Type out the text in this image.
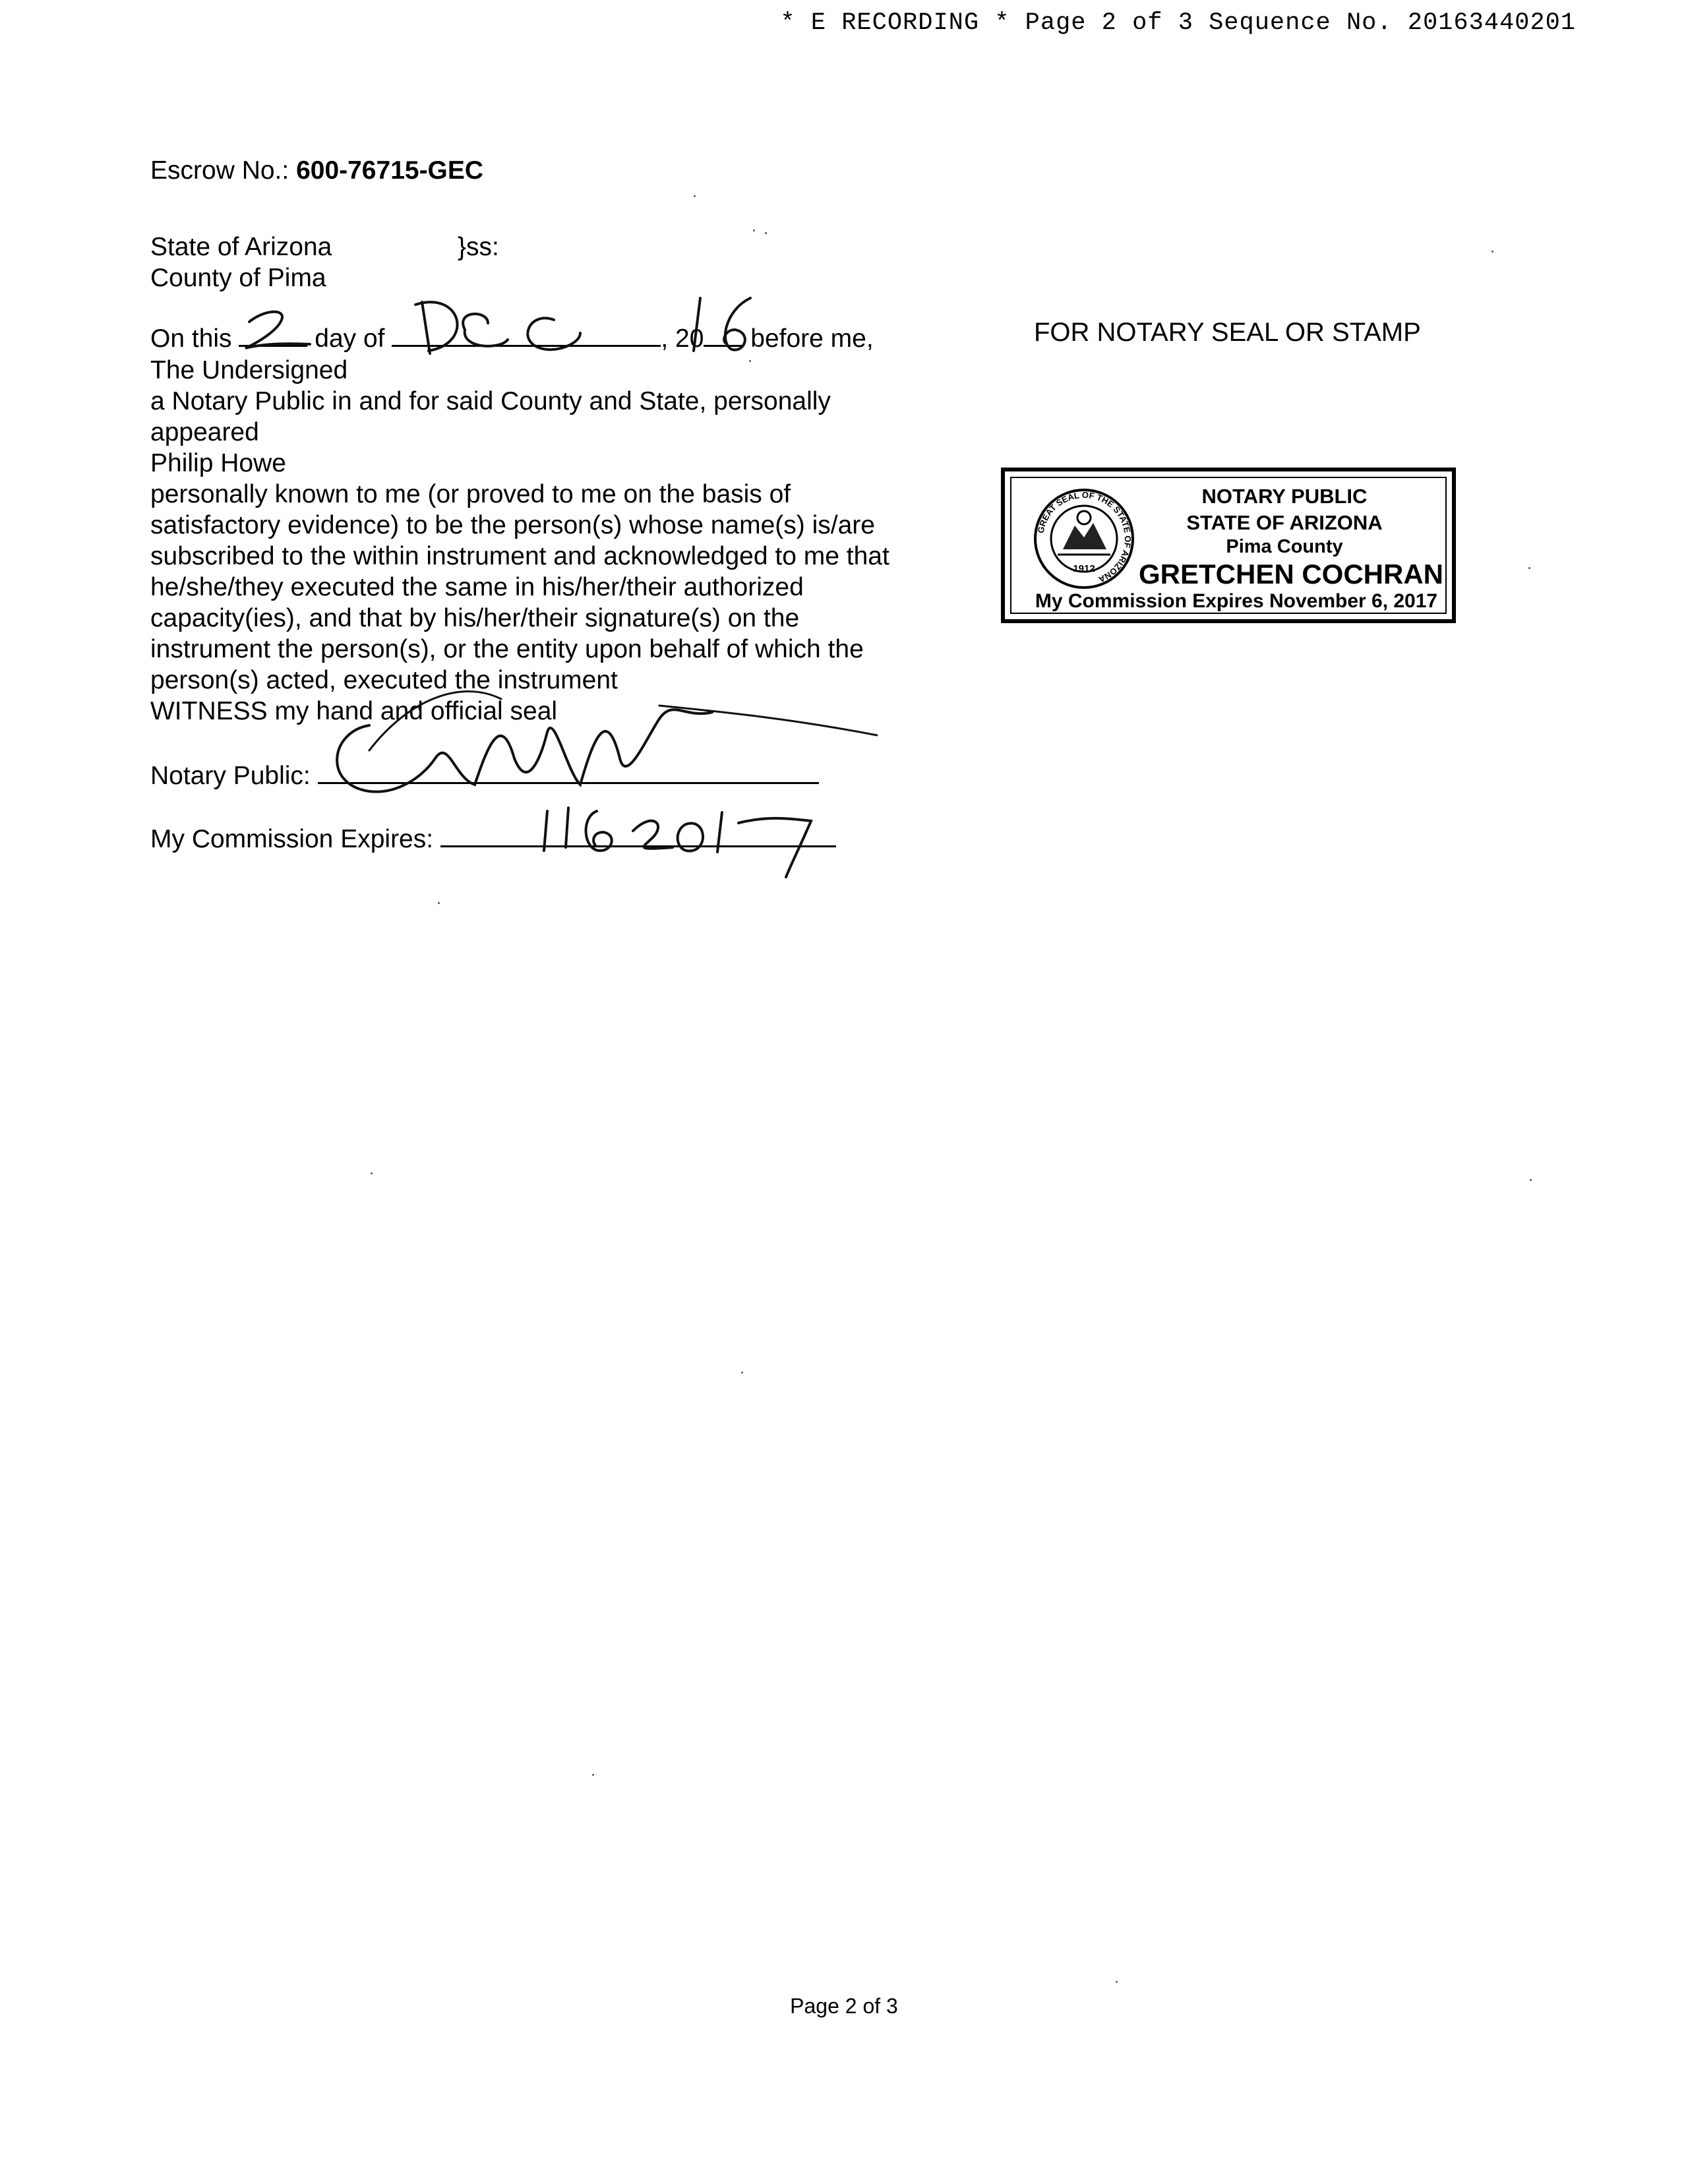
* E RECORDING * Page 2 of 3 Sequence No. 20163440201
Escrow No.: 600-76715-GEC
State of Arizona	}ss:
County of Pima
On this	day of	, 20 before me,
The Undersigned
a Notary Public in and for said County and State, personally
appeared
Philip Howe
personally known to me (or proved to me on the basis of
satisfactory evidence) to be the person(s) whose name(s) is/are
subscribed to the within instrument and acknowledged to me that
he/she/they executed the same in his/her/their authorized
capacity(ies), and that by his/her/their signature(s) on the
instrument the person(s), or the entity upon behalf of which the
person(s) acted, executed the instrument
WITNESS my hand and official seal
Notary Public:
My Commission Expires:
FOR NOTARY SEAL OR STAMP
GREAT SEAL OF THE STATE OF ARIZONA
1912
NOTARY PUBLIC
STATE OF ARIZONA
Pima County
GRETCHEN COCHRAN
My Commission Expires November 6, 2017
Page 2 of 3
